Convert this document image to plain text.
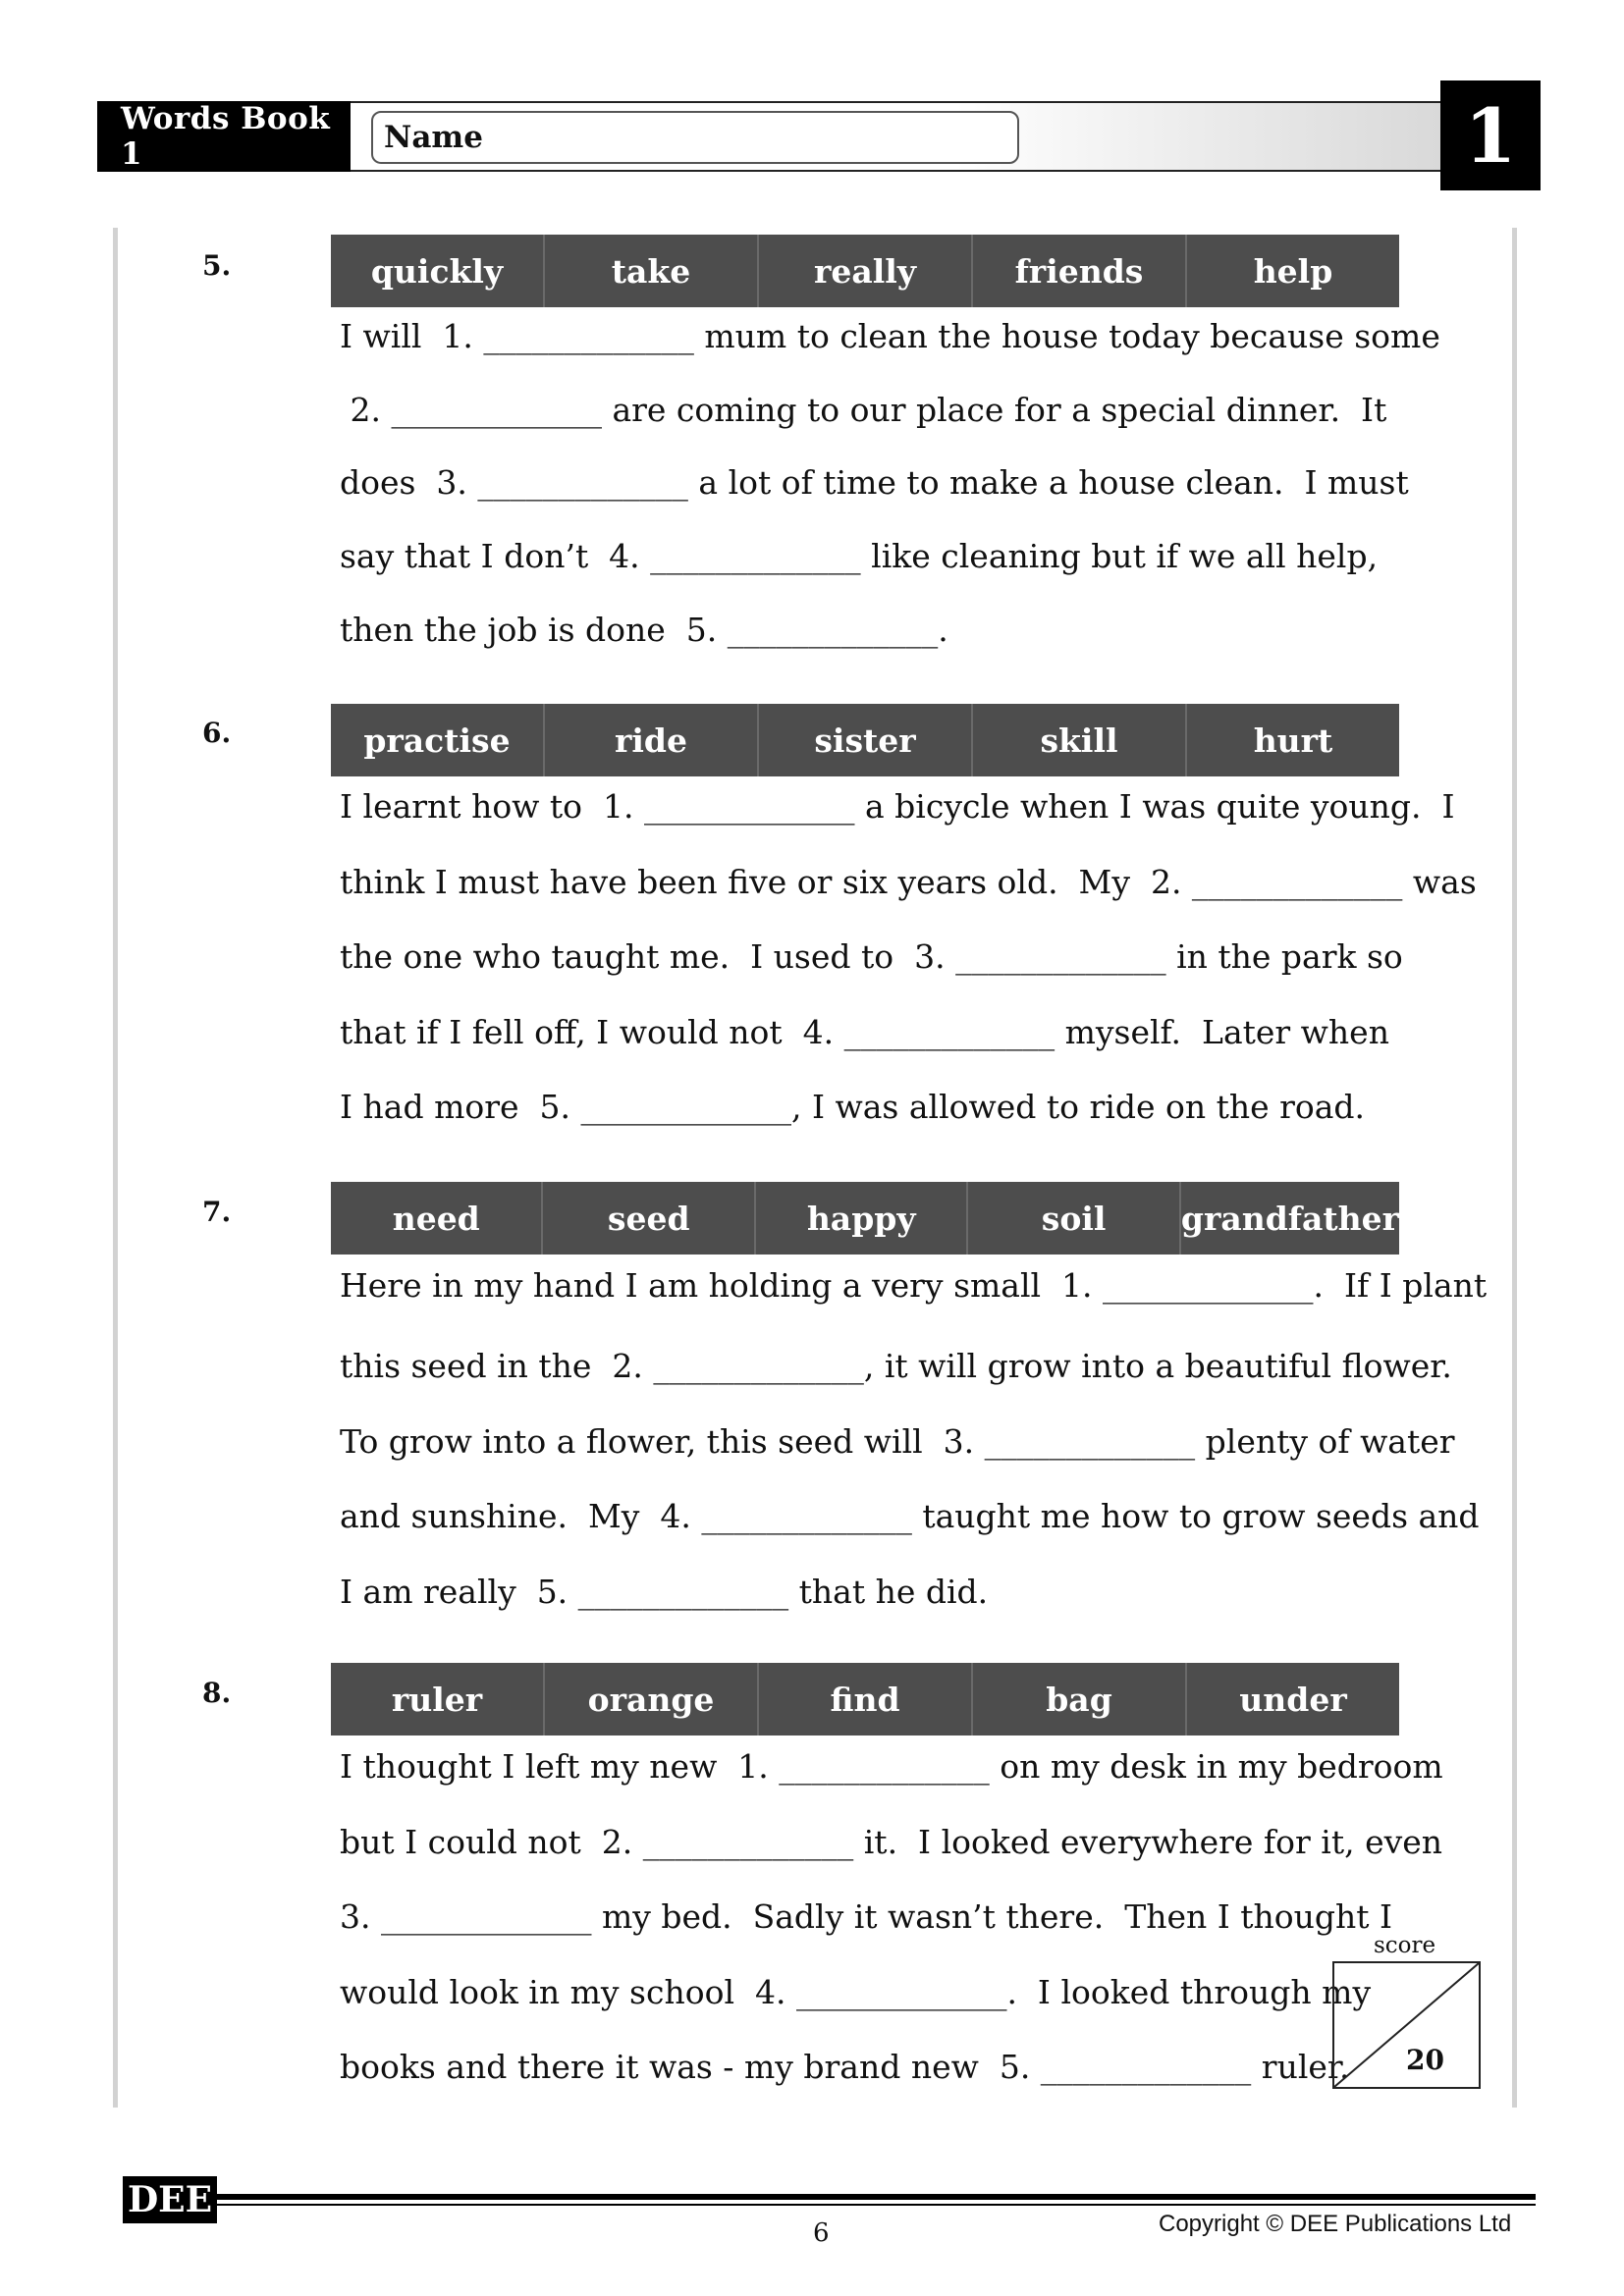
Words Book 1	Name	1
5.	quickly	take	really	friends	help
I will  1. _____________ mum to clean the house today because some
2. _____________ are coming to our place for a special dinner.  It
does  3. _____________ a lot of time to make a house clean.  I must
say that I don’t  4. _____________ like cleaning but if we all help,
then the job is done  5. _____________.
6.	practise	ride	sister	skill	hurt
I learnt how to  1. _____________ a bicycle when I was quite young.  I
think I must have been five or six years old.  My  2. _____________ was
the one who taught me.  I used to  3. _____________ in the park so
that if I fell off, I would not  4. _____________ myself.  Later when
I had more  5. _____________, I was allowed to ride on the road.
7.	need	seed	happy	soil	grandfather
Here in my hand I am holding a very small  1. _____________.  If I plant
this seed in the  2. _____________, it will grow into a beautiful flower.
To grow into a flower, this seed will  3. _____________ plenty of water
and sunshine.  My  4. _____________ taught me how to grow seeds and
I am really  5. _____________ that he did.
8.	ruler	orange	find	bag	under
I thought I left my new  1. _____________ on my desk in my bedroom
but I could not  2. _____________ it.  I looked everywhere for it, even
3. _____________ my bed.  Sadly it wasn’t there.  Then I thought I
would look in my school  4. _____________.  I looked through my
books and there it was - my brand new  5. _____________ ruler.
score
20
DEE
6	Copyright © DEE Publications Ltd
